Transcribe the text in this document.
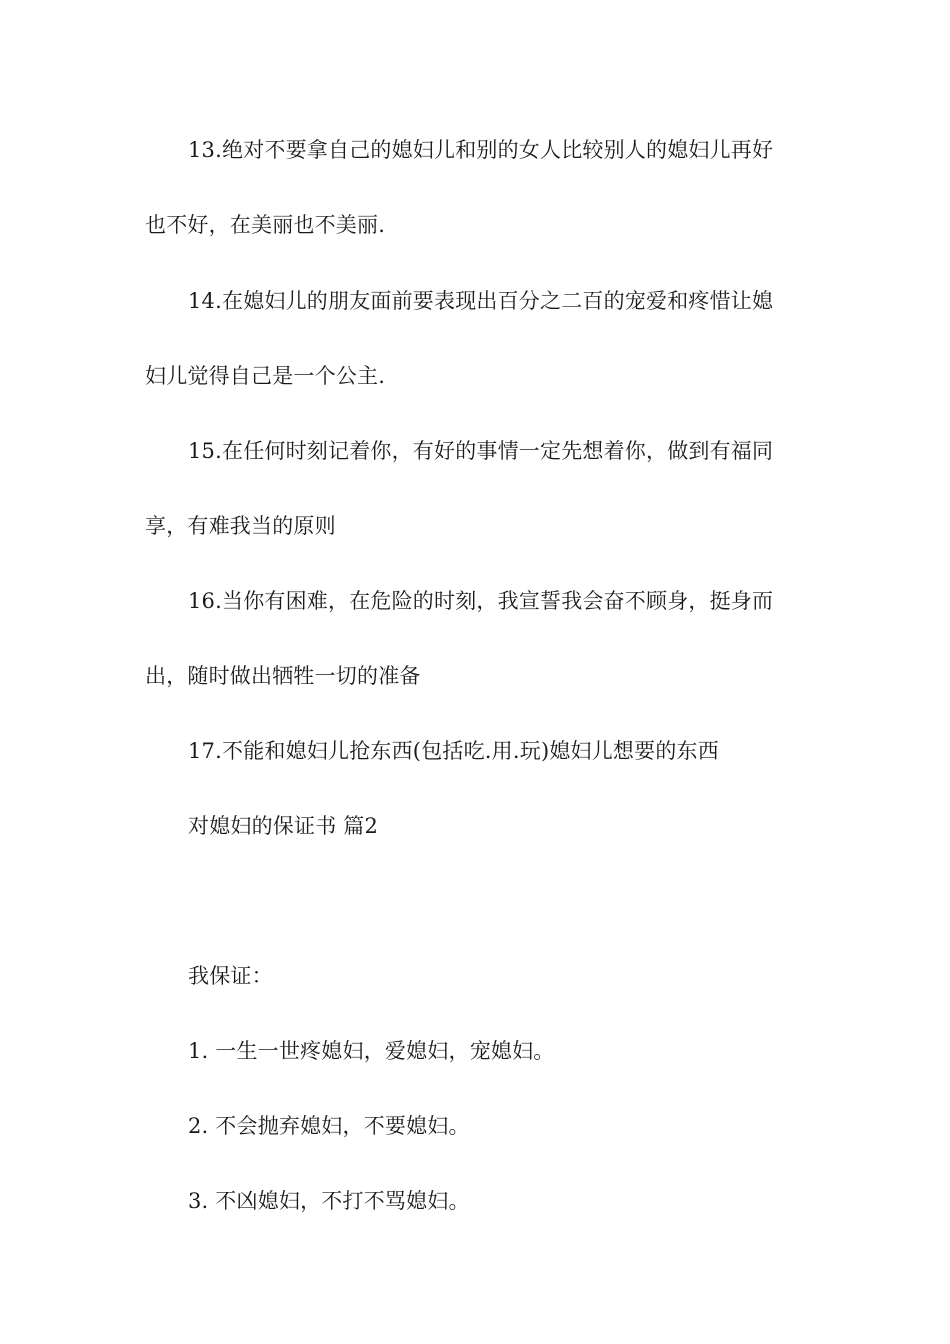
13.绝对不要拿自己的媳妇儿和别的女人比较别人的媳妇儿再好
也不好，在美丽也不美丽.
14.在媳妇儿的朋友面前要表现出百分之二百的宠爱和疼惜让媳
妇儿觉得自己是一个公主.
15.在任何时刻记着你，有好的事情一定先想着你，做到有福同
享，有难我当的原则
16.当你有困难，在危险的时刻，我宣誓我会奋不顾身，挺身而
出，随时做出牺牲一切的准备
17.不能和媳妇儿抢东西(包括吃.用.玩)媳妇儿想要的东西
对媳妇的保证书 篇2
我保证：
1. 一生一世疼媳妇，爱媳妇，宠媳妇。
2. 不会抛弃媳妇，不要媳妇。
3. 不凶媳妇，不打不骂媳妇。
